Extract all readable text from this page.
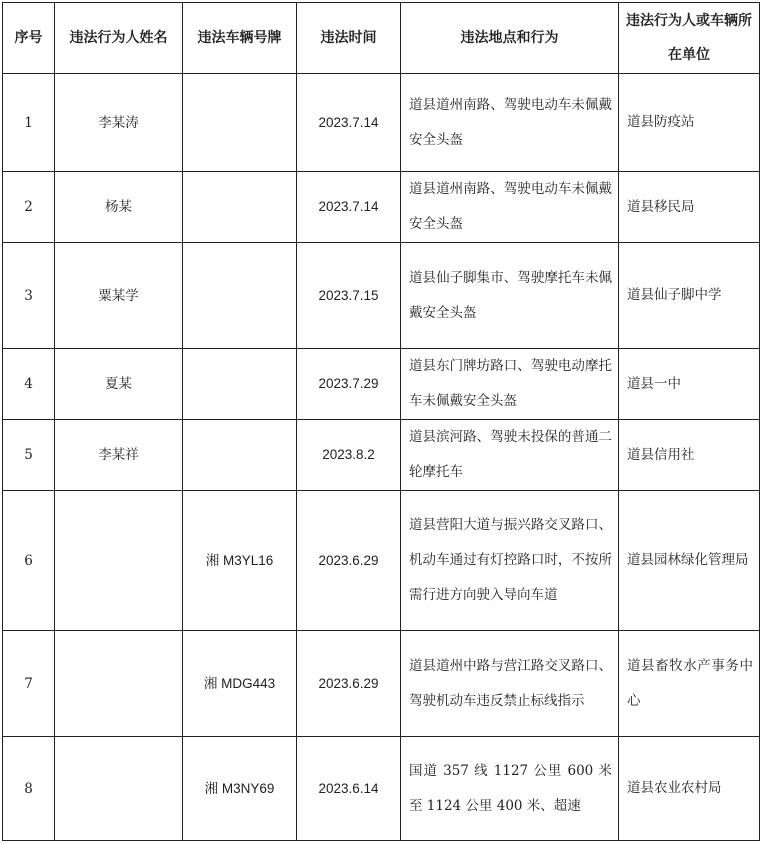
序号	违法行为人姓名	违法车辆号牌	违法时间	违法地点和行为	违法行为人或车辆所在单位
1	李某涛		2023.7.14	道县道州南路、驾驶电动车未佩戴安全头盔	道县防疫站
2	杨某		2023.7.14	道县道州南路、驾驶电动车未佩戴安全头盔	道县移民局
3	粟某学		2023.7.15	道县仙子脚集市、驾驶摩托车未佩戴安全头盔	道县仙子脚中学
4	夏某		2023.7.29	道县东门牌坊路口、驾驶电动摩托车未佩戴安全头盔	道县一中
5	李某祥		2023.8.2	道县滨河路、驾驶未投保的普通二轮摩托车	道县信用社
6		湘 M3YL16	2023.6.29	道县营阳大道与振兴路交叉路口、机动车通过有灯控路口时，不按所需行进方向驶入导向车道	道县园林绿化管理局
7		湘 MDG443	2023.6.29	道县道州中路与营江路交叉路口、驾驶机动车违反禁止标线指示	道县畜牧水产事务中心
8		湘 M3NY69	2023.6.14	国道 357 线 1127 公里 600 米至 1124 公里 400 米、超速	道县农业农村局
